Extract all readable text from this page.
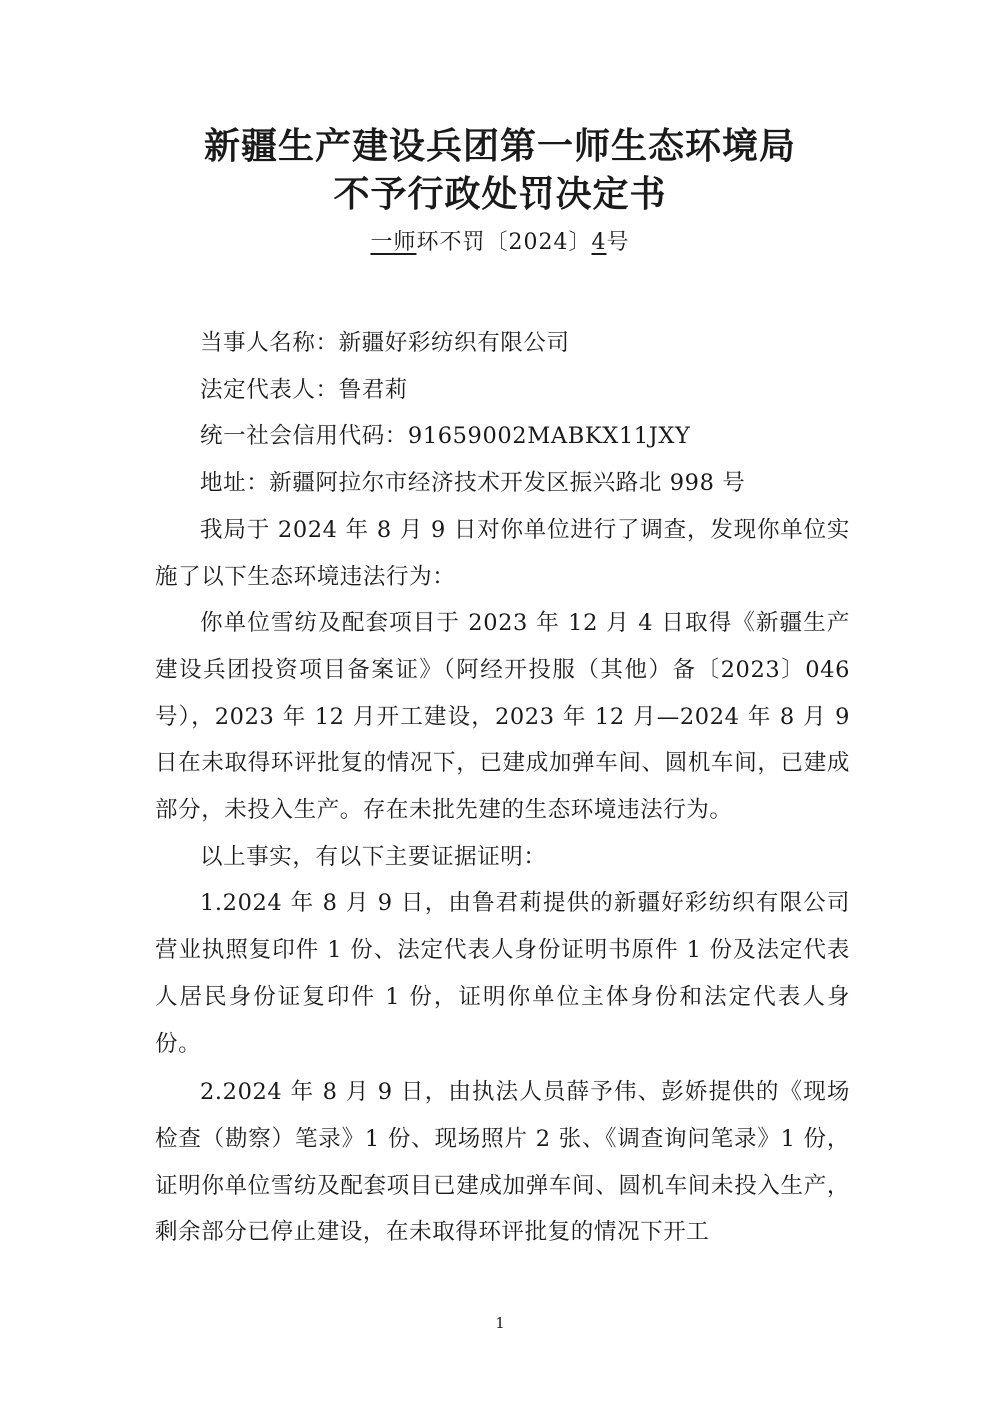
新疆生产建设兵团第一师生态环境局
不予行政处罚决定书
一师环不罚〔2024〕4号

当事人名称：新疆好彩纺织有限公司

法定代表人：鲁君莉

统一社会信用代码：91659002MABKX11JXY

地址：新疆阿拉尔市经济技术开发区振兴路北 998 号

我局于 2024 年 8 月 9 日对你单位进行了调查，发现你单位实施了以下生态环境违法行为：

你单位雪纺及配套项目于 2023 年 12 月 4 日取得《新疆生产建设兵团投资项目备案证》（阿经开投服（其他）备〔2023〕046 号），2023 年 12 月开工建设，2023 年 12 月—2024 年 8 月 9 日在未取得环评批复的情况下，已建成加弹车间、圆机车间，已建成部分，未投入生产。存在未批先建的生态环境违法行为。

以上事实，有以下主要证据证明：

1.2024 年 8 月 9 日，由鲁君莉提供的新疆好彩纺织有限公司营业执照复印件 1 份、法定代表人身份证明书原件 1 份及法定代表人居民身份证复印件 1 份，证明你单位主体身份和法定代表人身份。

2.2024 年 8 月 9 日，由执法人员薛予伟、彭娇提供的《现场检查（勘察）笔录》1 份、现场照片 2 张、《调查询问笔录》1 份，证明你单位雪纺及配套项目已建成加弹车间、圆机车间未投入生产，剩余部分已停止建设，在未取得环评批复的情况下开工

1
